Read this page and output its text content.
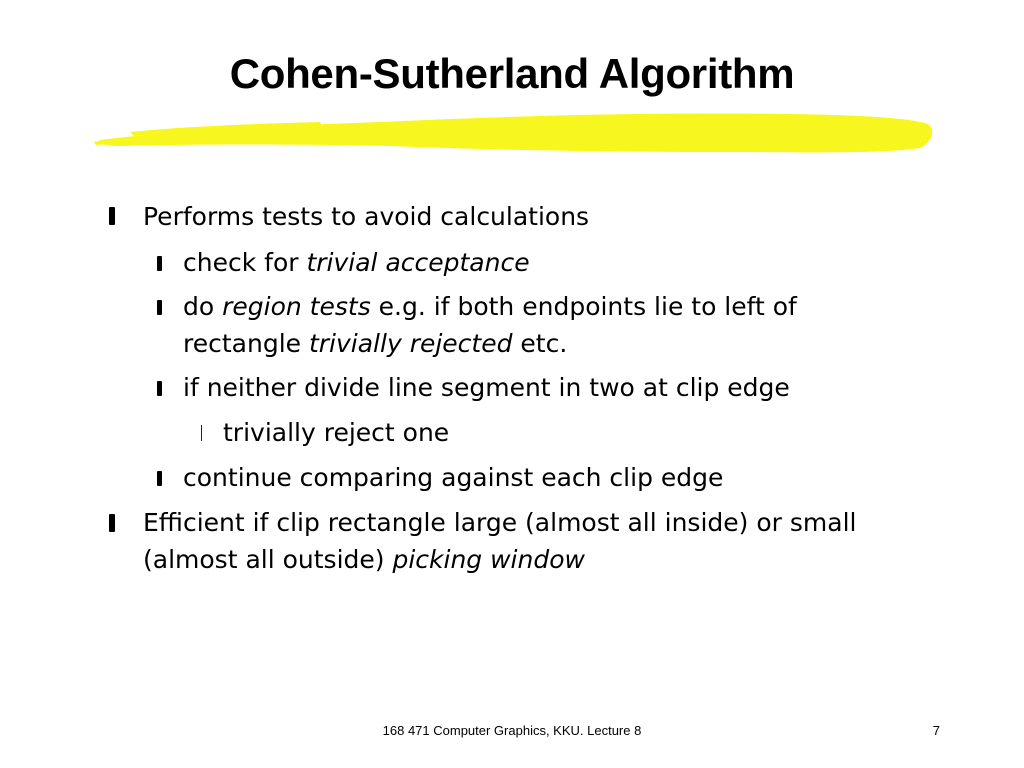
Cohen-Sutherland Algorithm
Performs tests to avoid calculations
check for trivial acceptance
do region tests e.g. if both endpoints lie to left of
rectangle trivially rejected etc.
if neither divide line segment in two at clip edge
trivially reject one
continue comparing against each clip edge
Efficient if clip rectangle large (almost all inside) or small
(almost all outside) picking window
168 471 Computer Graphics, KKU. Lecture 8	7
